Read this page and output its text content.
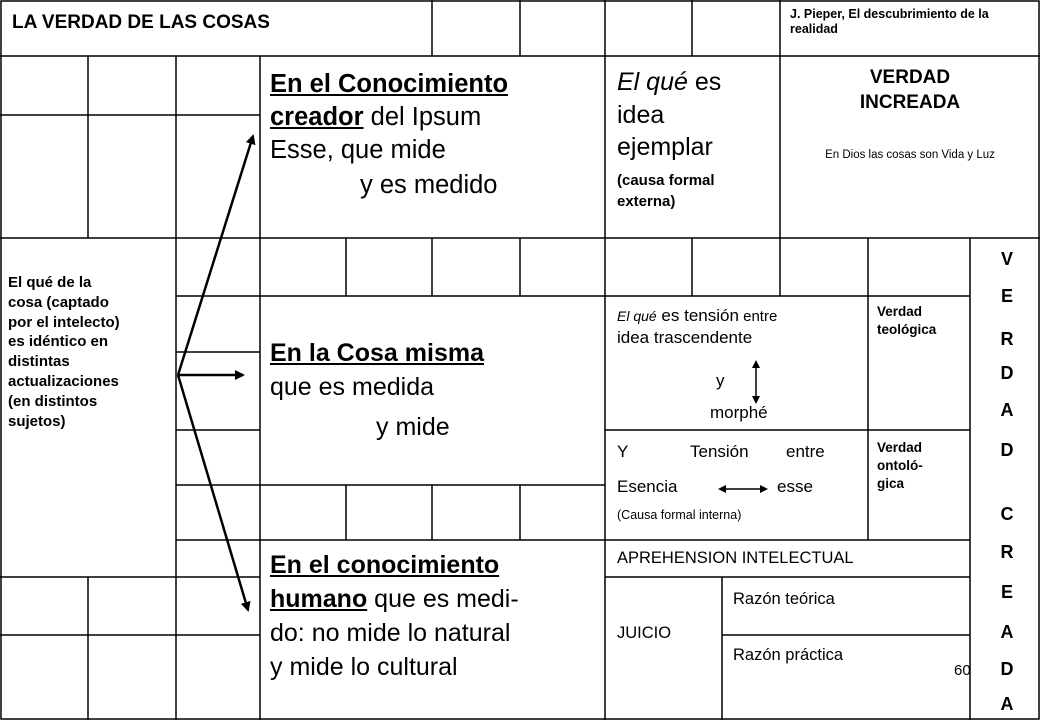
LA VERDAD DE LAS COSAS	J. Pieper, El descubrimiento de la realidad
En el Conocimiento
creador del Ipsum
Esse, que mide
y es medido
El qué es
idea
ejemplar
(causa formal
externa)
VERDAD
INCREADA
En Dios las cosas son Vida y Luz
El qué de la
cosa (captado
por el intelecto)
es idéntico en
distintas
actualizaciones
(en distintos
sujetos)
En la Cosa misma
que es medida
y mide
El qué es tensión entre
idea trascendente
y
morphé
Verdad
teológica
Y	Tensión entre
Esencia	esse
(Causa formal interna)
Verdad
ontoló-
gica
En el conocimiento
humano que es medi-
do: no mide lo natural
y mide lo cultural
APREHENSION INTELECTUAL
JUICIO
Razón teórica
Razón práctica
60
V
E
R
D
A
D
C
R
E
A
D
A
